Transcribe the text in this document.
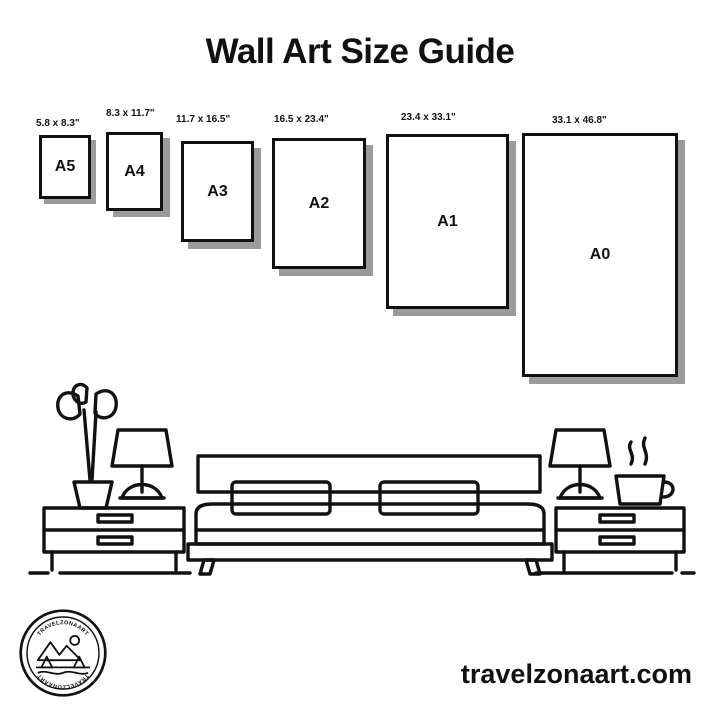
Wall Art Size Guide
5.8 x 8.3"
A5
8.3 x 11.7"
A4
11.7 x 16.5"
A3
16.5 x 23.4"
A2
23.4 x 33.1"
A1
33.1 x 46.8"
A0
travelzonaart.com
TRAVELZONAART
TRAVELZONAART
